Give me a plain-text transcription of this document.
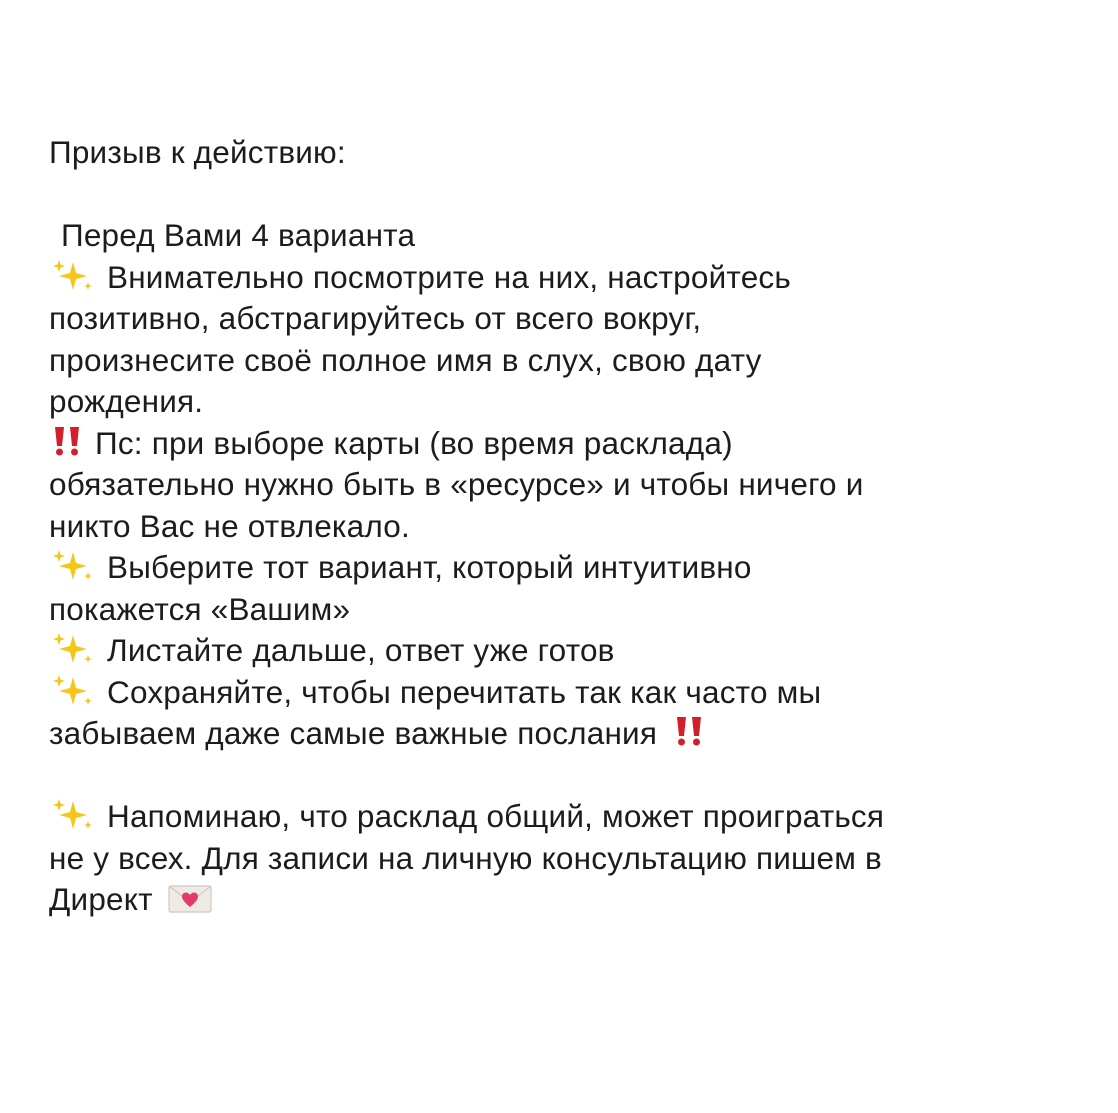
Призыв к действию:
Перед Вами 4 варианта
Внимательно посмотрите на них, настройтесь
позитивно, абстрагируйтесь от всего вокруг,
произнесите своё полное имя в слух, свою дату
рождения.
Пс: при выборе карты (во время расклада)
обязательно нужно быть в «ресурсе» и чтобы ничего и
никто Вас не отвлекало.
Выберите тот вариант, который интуитивно
покажется «Вашим»
Листайте дальше, ответ уже готов
Сохраняйте, чтобы перечитать так как часто мы
забываем даже самые важные послания
Напоминаю, что расклад общий, может проиграться
не у всех. Для записи на личную консультацию пишем в
Директ
